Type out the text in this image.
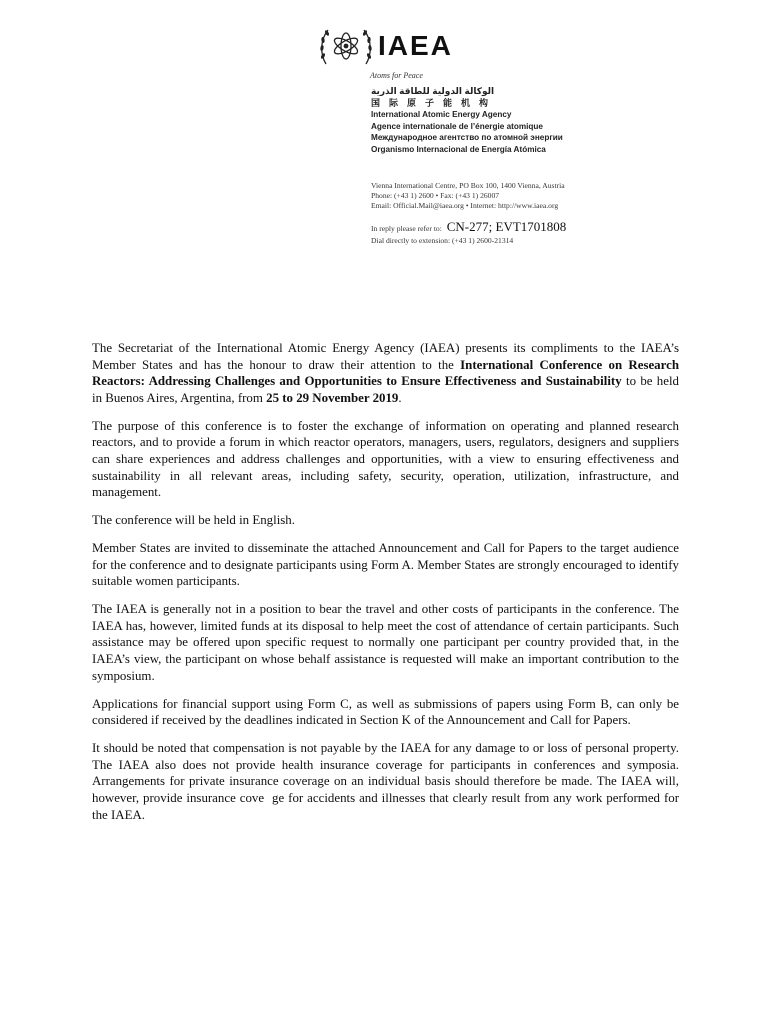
IAEA
Atoms for Peace
الوكالة الدولية للطاقة الذرية
国际原子能机构
International Atomic Energy Agency
Agence internationale de l’énergie atomique
Международное агентство по атомной энергии
Organismo Internacional de Energía Atómica
Vienna International Centre, PO Box 100, 1400 Vienna, Austria
Phone: (+43 1) 2600 • Fax: (+43 1) 26007
Email: Official.Mail@iaea.org • Internet: http://www.iaea.org
In reply please refer to: CN-277; EVT1701808
Dial directly to extension: (+43 1) 2600-21314

The Secretariat of the International Atomic Energy Agency (IAEA) presents its compliments to the IAEA’s Member States and has the honour to draw their attention to the International Conference on Research Reactors: Addressing Challenges and Opportunities to Ensure Effectiveness and Sustainability to be held in Buenos Aires, Argentina, from 25 to 29 November 2019.

The purpose of this conference is to foster the exchange of information on operating and planned research reactors, and to provide a forum in which reactor operators, managers, users, regulators, designers and suppliers can share experiences and address challenges and opportunities, with a view to ensuring effectiveness and sustainability in all relevant areas, including safety, security, operation, utilization, infrastructure, and management.

The conference will be held in English.

Member States are invited to disseminate the attached Announcement and Call for Papers to the target audience for the conference and to designate participants using Form A. Member States are strongly encouraged to identify suitable women participants.

The IAEA is generally not in a position to bear the travel and other costs of participants in the conference. The IAEA has, however, limited funds at its disposal to help meet the cost of attendance of certain participants. Such assistance may be offered upon specific request to normally one participant per country provided that, in the IAEA’s view, the participant on whose behalf assistance is requested will make an important contribution to the symposium.

Applications for financial support using Form C, as well as submissions of papers using Form B, can only be considered if received by the deadlines indicated in Section K of the Announcement and Call for Papers.

It should be noted that compensation is not payable by the IAEA for any damage to or loss of personal property. The IAEA also does not provide health insurance coverage for participants in conferences and symposia. Arrangements for private insurance coverage on an individual basis should therefore be made. The IAEA will, however, provide insurance cove  ge for accidents and illnesses that clearly result from any work performed for the IAEA.
